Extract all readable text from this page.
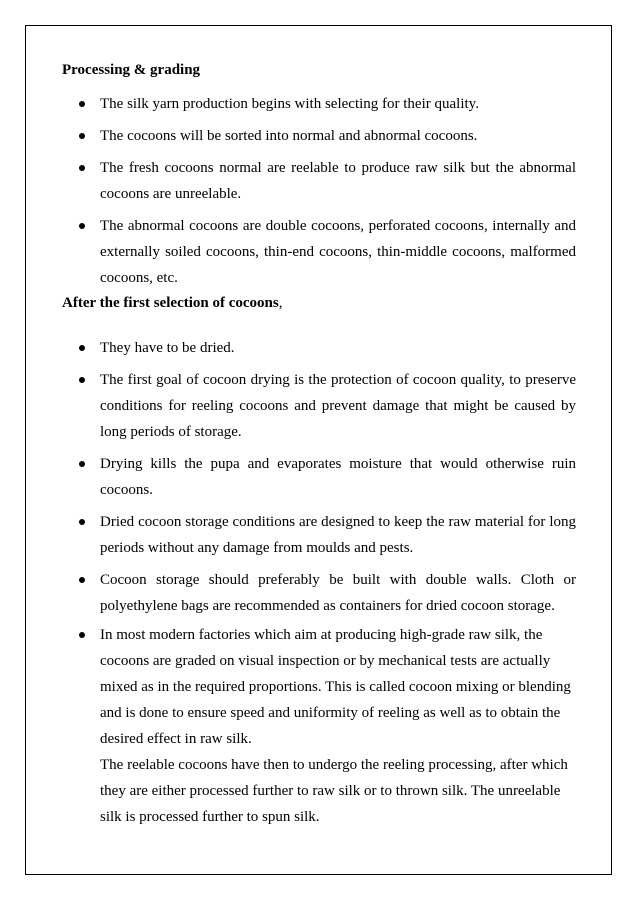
Processing & grading
The silk yarn production begins with selecting for their quality.
The cocoons will be sorted into normal and abnormal cocoons.
The fresh cocoons normal are reelable to produce raw silk but the abnormal cocoons are unreelable.
The abnormal cocoons are double cocoons, perforated cocoons, internally and externally soiled cocoons, thin-end cocoons, thin-middle cocoons, malformed cocoons, etc.
After the first selection of cocoons,
They have to be dried.
The first goal of cocoon drying is the protection of cocoon quality, to preserve conditions for reeling cocoons and prevent damage that might be caused by long periods of storage.
Drying kills the pupa and evaporates moisture that would otherwise ruin cocoons.
Dried cocoon storage conditions are designed to keep the raw material for long periods without any damage from moulds and pests.
Cocoon storage should preferably be built with double walls. Cloth or polyethylene bags are recommended as containers for dried cocoon storage.

In most modern factories which aim at producing high-grade raw silk, the cocoons are graded on visual inspection or by mechanical tests are actually mixed as in the required proportions. This is called cocoon mixing or blending and is done to ensure speed and uniformity of reeling as well as to obtain the desired effect in raw silk.

The reelable cocoons have then to undergo the reeling processing, after which they are either processed further to raw silk or to thrown silk. The unreelable silk is processed further to spun silk.
